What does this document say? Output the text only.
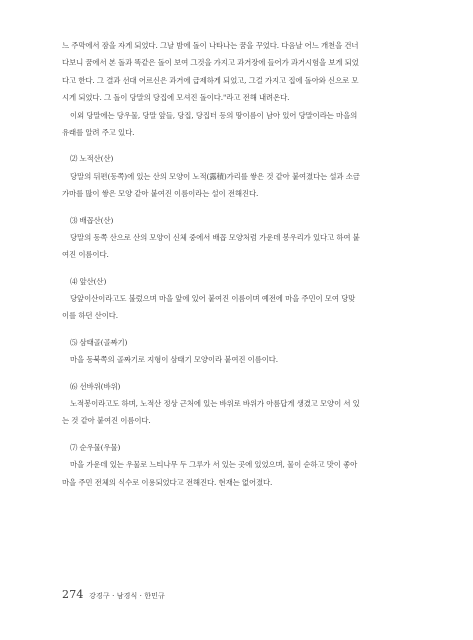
느 주막에서 잠을 자게 되었다. 그날 밤에 돌이 나타나는 꿈을 꾸었다. 다음날 어느 개천을 건너
다보니 꿈에서 본 돌과 똑같은 돌이 보여 그것을 가지고 과거장에 들어가 과거시험을 보게 되었
다고 한다. 그 결과 선대 어르신은 과거에 급제하게 되었고, 그걸 가지고 집에 돌아와 신으로 모
시게 되었다. 그 돌이 당말의 당집에 모셔진 돌이다."라고 전해 내려온다.
이외 당말에는 당우물, 당말 앞들, 당집, 당집터 등의 땅이름이 남아 있어 당말이라는 마을의
유래를 알려 주고 있다.
⑵ 노적산(산)
당말의 뒤편(동쪽)에 있는 산의 모양이 노적(露積)가리를 쌓은 것 같아 붙여졌다는 설과 소금
가마를 많이 쌓은 모양 같아 붙여진 이름이라는 설이 전해진다.
⑶ 배꼽산(산)
당말의 동쪽 산으로 산의 모양이 신체 중에서 배꼽 모양처럼 가운데 봉우리가 있다고 하여 붙
여진 이름이다.
⑷ 앞산(산)
당앞이산이라고도 불렀으며 마을 앞에 있어 붙여진 이름이며 예전에 마을 주민이 모여 당맞
이를 하던 산이다.
⑸ 삼태골(골짜기)
마을 동북쪽의 골짜기로 지형이 삼태기 모양이라 붙여진 이름이다.
⑹ 선바위(바위)
노적봉이라고도 하며, 노적산 정상 근처에 있는 바위로 바위가 아름답게 생겼고 모양이 서 있
는 것 같아 붙여진 이름이다.
⑺ 순우물(우물)
마을 가운데 있는 우물로 느티나무 두 그루가 서 있는 곳에 있었으며, 물이 순하고 맛이 좋아
마을 주민 전체의 식수로 이용되었다고 전해진다. 현재는 없어졌다.
274 강경구 · 남경식 · 한민규
